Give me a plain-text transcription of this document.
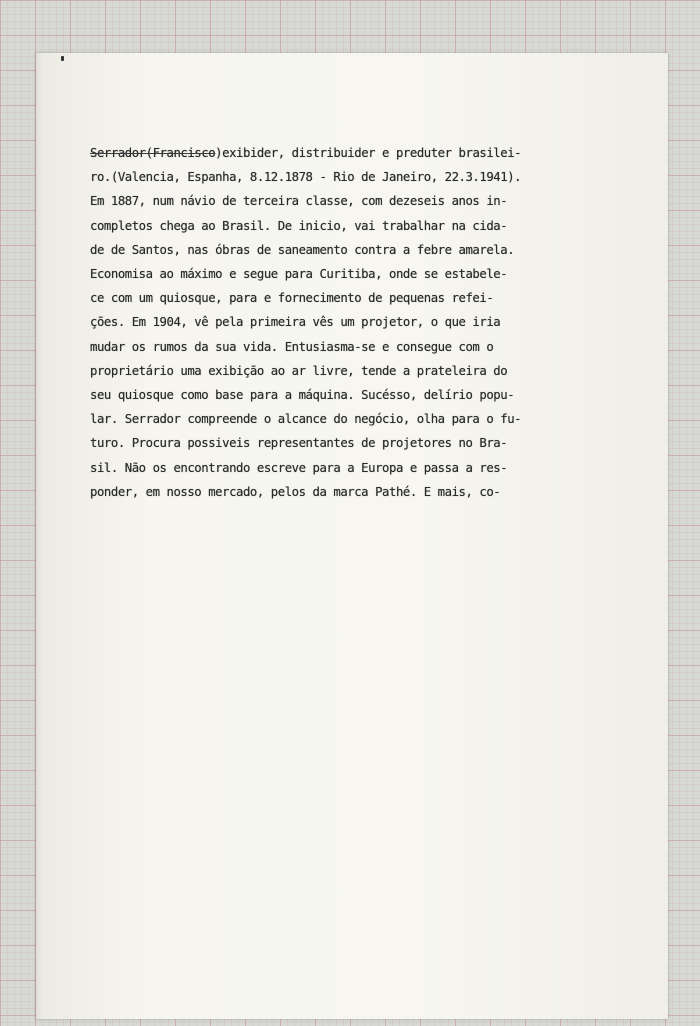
Serrador(Francisco)exibider, distribuider e preduter brasilei-
ro.(Valencia, Espanha, 8.12.1878 - Rio de Janeiro, 22.3.1941).
Em 1887, num návio de terceira classe, com dezeseis anos in-
completos chega ao Brasil. De inicio, vai trabalhar na cida-
de de Santos, nas óbras de saneamento contra a febre amarela.
Economisa ao máximo e segue para Curitiba, onde se estabele-
ce com um quiosque, para e fornecimento de pequenas refei-
ções. Em 1904, vê pela primeira vês um projetor, o que iria
mudar os rumos da sua vida. Entusiasma-se e consegue com o
proprietário uma exibição ao ar livre, tende a prateleira do
seu quiosque como base para a máquina. Sucésso, delírio popu-
lar. Serrador compreende o alcance do negócio, olha para o fu-
turo. Procura possiveis representantes de projetores no Bra-
sil. Não os encontrando escreve para a Europa e passa a res-
ponder, em nosso mercado, pelos da marca Pathé. E mais, co-
